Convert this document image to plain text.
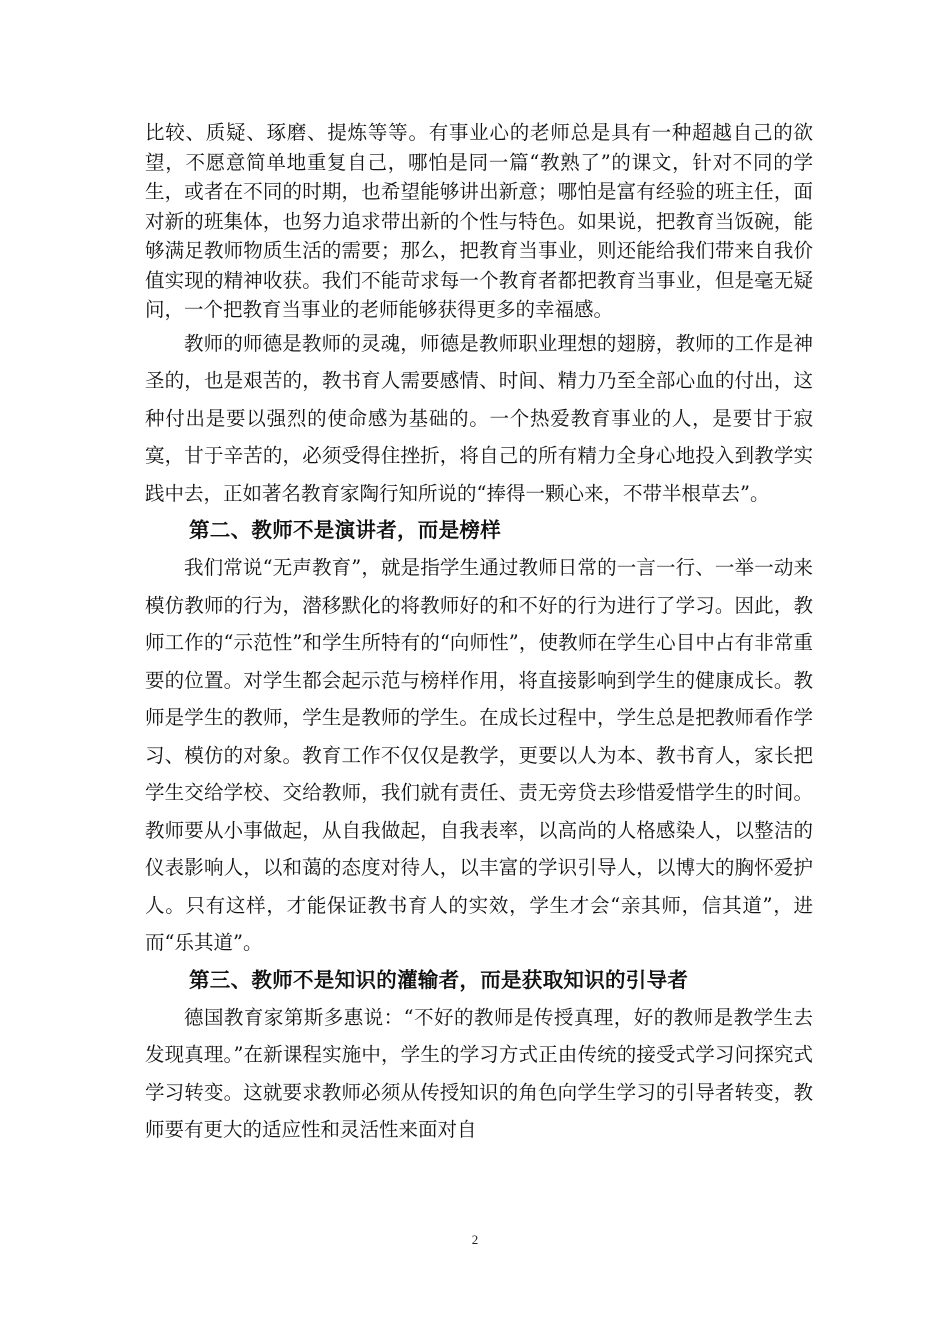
比较、质疑、琢磨、提炼等等。有事业心的老师总是具有一种超越自己的欲望，不愿意简单地重复自己，哪怕是同一篇“教熟了”的课文，针对不同的学生，或者在不同的时期，也希望能够讲出新意；哪怕是富有经验的班主任，面对新的班集体，也努力追求带出新的个性与特色。如果说，把教育当饭碗，能够满足教师物质生活的需要；那么，把教育当事业，则还能给我们带来自我价值实现的精神收获。我们不能苛求每一个教育者都把教育当事业，但是毫无疑问，一个把教育当事业的老师能够获得更多的幸福感。

教师的师德是教师的灵魂，师德是教师职业理想的翅膀，教师的工作是神圣的，也是艰苦的，教书育人需要感情、时间、精力乃至全部心血的付出，这种付出是要以强烈的使命感为基础的。一个热爱教育事业的人，是要甘于寂寞，甘于辛苦的，必须受得住挫折，将自己的所有精力全身心地投入到教学实践中去，正如著名教育家陶行知所说的“捧得一颗心来，不带半根草去”。

第二、教师不是演讲者，而是榜样

我们常说“无声教育”，就是指学生通过教师日常的一言一行、一举一动来模仿教师的行为，潜移默化的将教师好的和不好的行为进行了学习。因此，教师工作的“示范性”和学生所特有的“向师性”，使教师在学生心目中占有非常重要的位置。对学生都会起示范与榜样作用，将直接影响到学生的健康成长。教师是学生的教师，学生是教师的学生。在成长过程中，学生总是把教师看作学习、模仿的对象。教育工作不仅仅是教学，更要以人为本、教书育人，家长把学生交给学校、交给教师，我们就有责任、责无旁贷去珍惜爱惜学生的时间。教师要从小事做起，从自我做起，自我表率，以高尚的人格感染人，以整洁的仪表影响人，以和蔼的态度对待人，以丰富的学识引导人，以博大的胸怀爱护人。只有这样，才能保证教书育人的实效，学生才会“亲其师，信其道”，进而“乐其道”。

第三、教师不是知识的灌输者，而是获取知识的引导者

德国教育家第斯多惠说：“不好的教师是传授真理，好的教师是教学生去发现真理。”在新课程实施中，学生的学习方式正由传统的接受式学习问探究式学习转变。这就要求教师必须从传授知识的角色向学生学习的引导者转变，教师要有更大的适应性和灵活性来面对自

2
